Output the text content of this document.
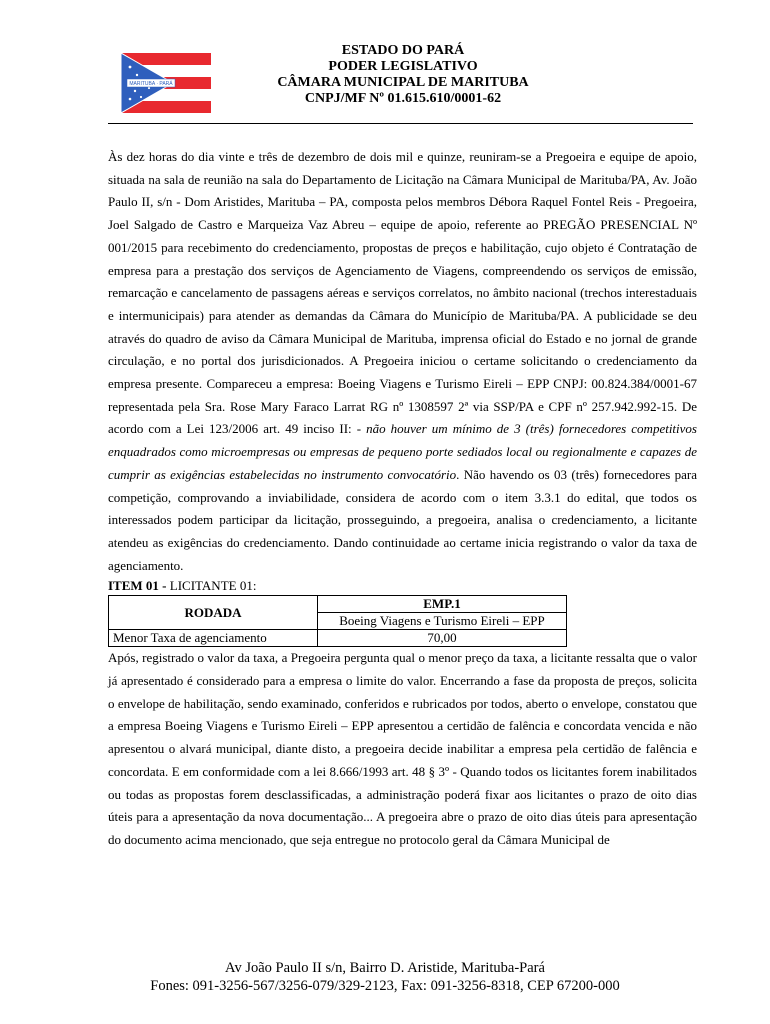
MARITUBA · PARÁ
ESTADO DO PARÁ
PODER LEGISLATIVO
CÂMARA MUNICIPAL DE MARITUBA
CNPJ/MF Nº 01.615.610/0001-62

Às dez horas do dia vinte e três de dezembro de dois mil e quinze, reuniram-se a Pregoeira e equipe de apoio, situada na sala de reunião na sala do Departamento de Licitação na Câmara Municipal de Marituba/PA, Av. João Paulo II, s/n - Dom Aristides, Marituba – PA, composta pelos membros Débora Raquel Fontel Reis - Pregoeira, Joel Salgado de Castro e Marqueiza Vaz Abreu – equipe de apoio, referente ao PREGÃO PRESENCIAL Nº 001/2015 para recebimento do credenciamento, propostas de preços e habilitação, cujo objeto é Contratação de empresa para a prestação dos serviços de Agenciamento de Viagens, compreendendo os serviços de emissão, remarcação e cancelamento de passagens aéreas e serviços correlatos, no âmbito nacional (trechos interestaduais e intermunicipais) para atender as demandas da Câmara do Município de Marituba/PA. A publicidade se deu através do quadro de aviso da Câmara Municipal de Marituba, imprensa oficial do Estado e no jornal de grande circulação, e no portal dos jurisdicionados. A Pregoeira iniciou o certame solicitando o credenciamento da empresa presente. Compareceu a empresa: Boeing Viagens e Turismo Eireli – EPP CNPJ: 00.824.384/0001-67 representada pela Sra. Rose Mary Faraco Larrat RG nº 1308597 2ª via SSP/PA e CPF nº 257.942.992-15. De acordo com a Lei 123/2006 art. 49 inciso II: - não houver um mínimo de 3 (três) fornecedores competitivos enquadrados como microempresas ou empresas de pequeno porte sediados local ou regionalmente e capazes de cumprir as exigências estabelecidas no instrumento convocatório. Não havendo os 03 (três) fornecedores para competição, comprovando a inviabilidade, considera de acordo com o item 3.3.1 do edital, que todos os interessados podem participar da licitação, prosseguindo, a pregoeira, analisa o credenciamento, a licitante atendeu as exigências do credenciamento. Dando continuidade ao certame inicia registrando o valor da taxa de agenciamento.

ITEM 01 - LICITANTE 01:
RODADA	EMP.1
	Boeing Viagens e Turismo Eireli – EPP
Menor Taxa de agenciamento	70,00

Após, registrado o valor da taxa, a Pregoeira pergunta qual o menor preço da taxa, a licitante ressalta que o valor já apresentado é considerado para a empresa o limite do valor. Encerrando a fase da proposta de preços, solicita o envelope de habilitação, sendo examinado, conferidos e rubricados por todos, aberto o envelope, constatou que a empresa Boeing Viagens e Turismo Eireli – EPP apresentou a certidão de falência e concordata vencida e não apresentou o alvará municipal, diante disto, a pregoeira decide inabilitar a empresa pela certidão de falência e concordata. E em conformidade com a lei 8.666/1993 art. 48 § 3º - Quando todos os licitantes forem inabilitados ou todas as propostas forem desclassificadas, a administração poderá fixar aos licitantes o prazo de oito dias úteis para a apresentação da nova documentação... A pregoeira abre o prazo de oito dias úteis para apresentação do documento acima mencionado, que seja entregue no protocolo geral da Câmara Municipal de

Av João Paulo II s/n, Bairro D. Aristide, Marituba-Pará
Fones: 091-3256-567/3256-079/329-2123, Fax: 091-3256-8318, CEP 67200-000
